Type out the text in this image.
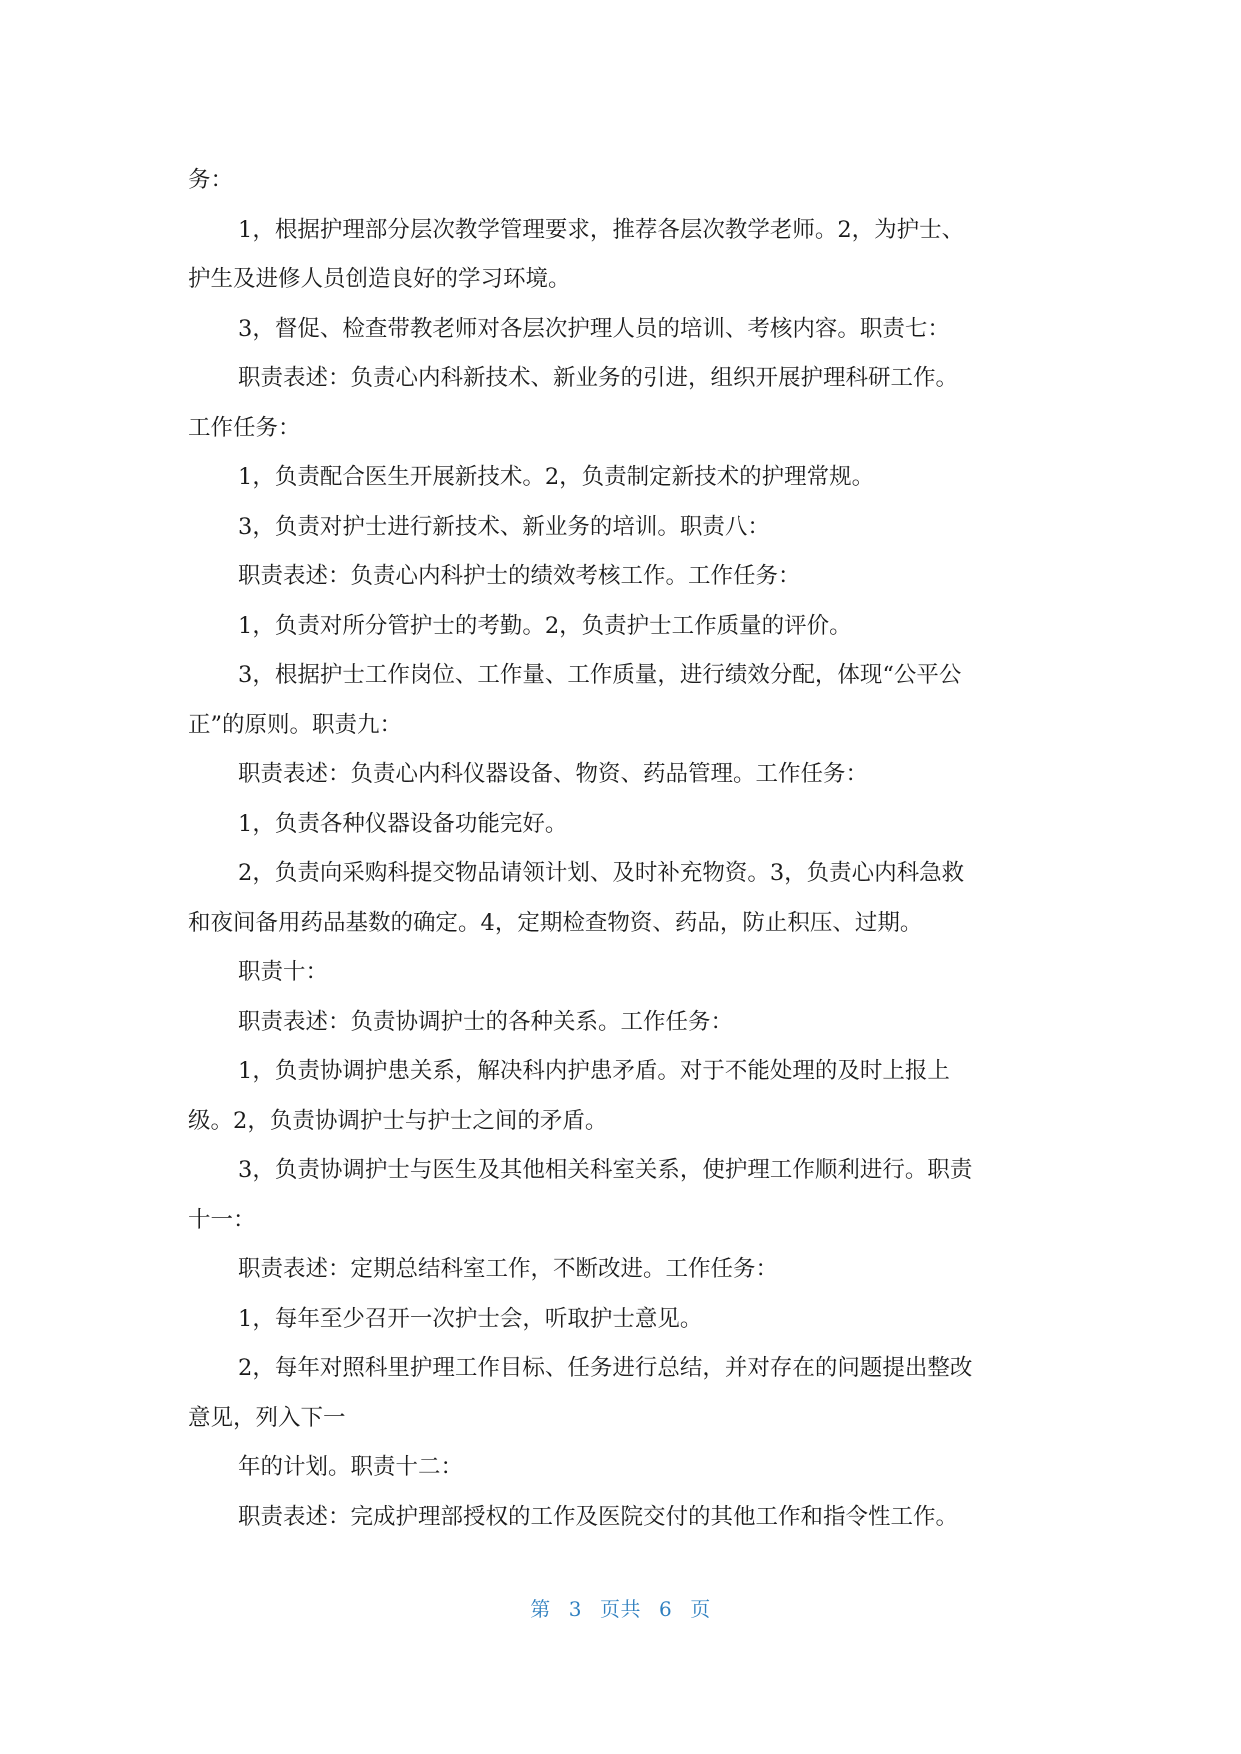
务：
1，根据护理部分层次教学管理要求，推荐各层次教学老师。2，为护士、
护生及进修人员创造良好的学习环境。
3，督促、检查带教老师对各层次护理人员的培训、考核内容。职责七：
职责表述：负责心内科新技术、新业务的引进，组织开展护理科研工作。
工作任务：
1，负责配合医生开展新技术。2，负责制定新技术的护理常规。
3，负责对护士进行新技术、新业务的培训。职责八：
职责表述：负责心内科护士的绩效考核工作。工作任务：
1，负责对所分管护士的考勤。2，负责护士工作质量的评价。
3，根据护士工作岗位、工作量、工作质量，进行绩效分配，体现“公平公
正”的原则。职责九：
职责表述：负责心内科仪器设备、物资、药品管理。工作任务：
1，负责各种仪器设备功能完好。
2，负责向采购科提交物品请领计划、及时补充物资。3，负责心内科急救
和夜间备用药品基数的确定。4，定期检查物资、药品，防止积压、过期。
职责十：
职责表述：负责协调护士的各种关系。工作任务：
1，负责协调护患关系，解决科内护患矛盾。对于不能处理的及时上报上
级。2，负责协调护士与护士之间的矛盾。
3，负责协调护士与医生及其他相关科室关系，使护理工作顺利进行。职责
十一：
职责表述：定期总结科室工作，不断改进。工作任务：
1，每年至少召开一次护士会，听取护士意见。
2，每年对照科里护理工作目标、任务进行总结，并对存在的问题提出整改
意见，列入下一
年的计划。职责十二：
职责表述：完成护理部授权的工作及医院交付的其他工作和指令性工作。
第 3 页共 6 页
